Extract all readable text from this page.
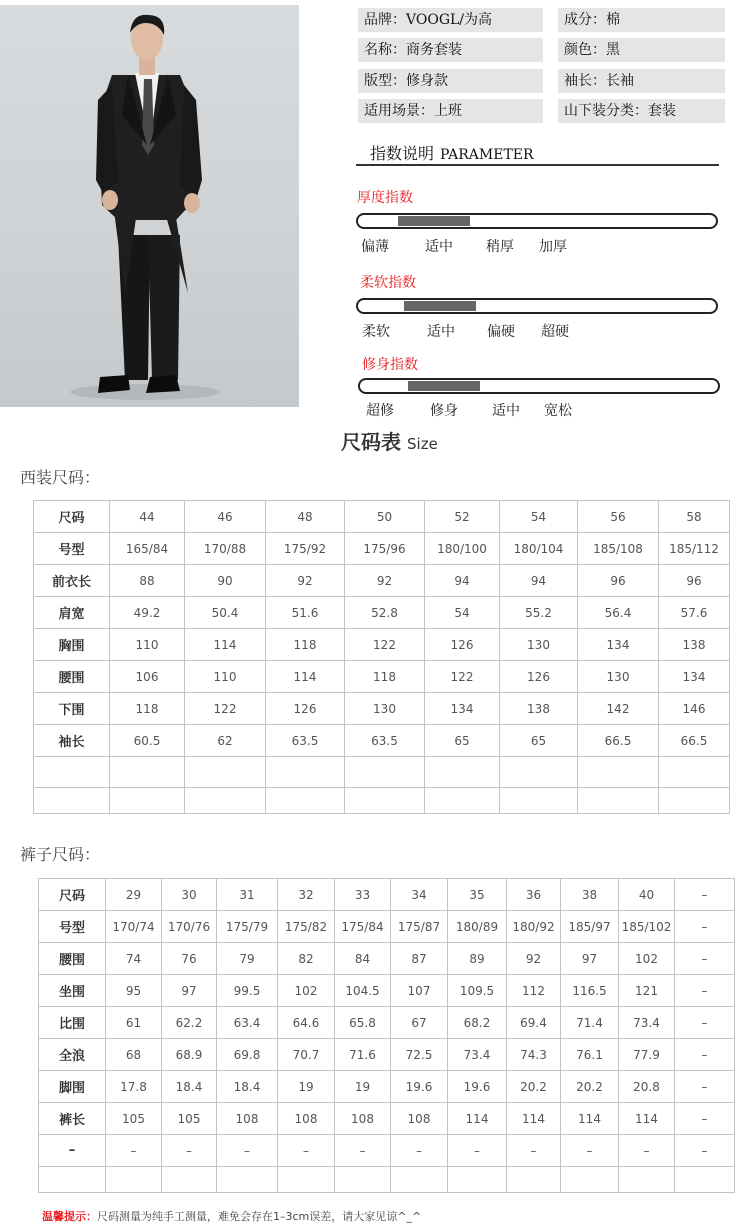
品牌：VOOGL/为高	成分：棉
名称：商务套装	颜色：黑
版型：修身款	袖长：长袖
适用场景：上班	山下装分类：套装
指数说明 PARAMETER
厚度指数
偏薄	适中 稍厚 加厚
柔软指数
柔软	适中 偏硬 超硬
修身指数
超修	修身 适中 宽松
尺码表 Size
西装尺码：
尺码	44	46	48	50	52	54	56	58
号型	165/84	170/88	175/92	175/96	180/100	180/104	185/108	185/112
前衣长	88	90	92	92	94	94	96	96
肩宽	49.2	50.4	51.6	52.8	54	55.2	56.4	57.6
胸围	110	114	118	122	126	130	134	138
腰围	106	110	114	118	122	126	130	134
下围	118	122	126	130	134	138	142	146
袖长	60.5	62	63.5	63.5	65	65	66.5	66.5

裤子尺码：
尺码	29	30	31	32	33	34	35	36	38	40	–
号型	170/74	170/76	175/79	175/82	175/84	175/87	180/89	180/92	185/97	185/102	–
腰围	74	76	79	82	84	87	89	92	97	102	–
坐围	95	97	99.5	102	104.5	107	109.5	112	116.5	121	–
比围	61	62.2	63.4	64.6	65.8	67	68.2	69.4	71.4	73.4	–
全浪	68	68.9	69.8	70.7	71.6	72.5	73.4	74.3	76.1	77.9	–
脚围	17.8	18.4	18.4	19	19	19.6	19.6	20.2	20.2	20.8	–
裤长	105	105	108	108	108	108	114	114	114	114	–
–	–	–	–	–	–	–	–	–	–	–	–

温馨提示：尺码测量为纯手工测量，难免会存在1–3cm误差，请大家见谅^_^
